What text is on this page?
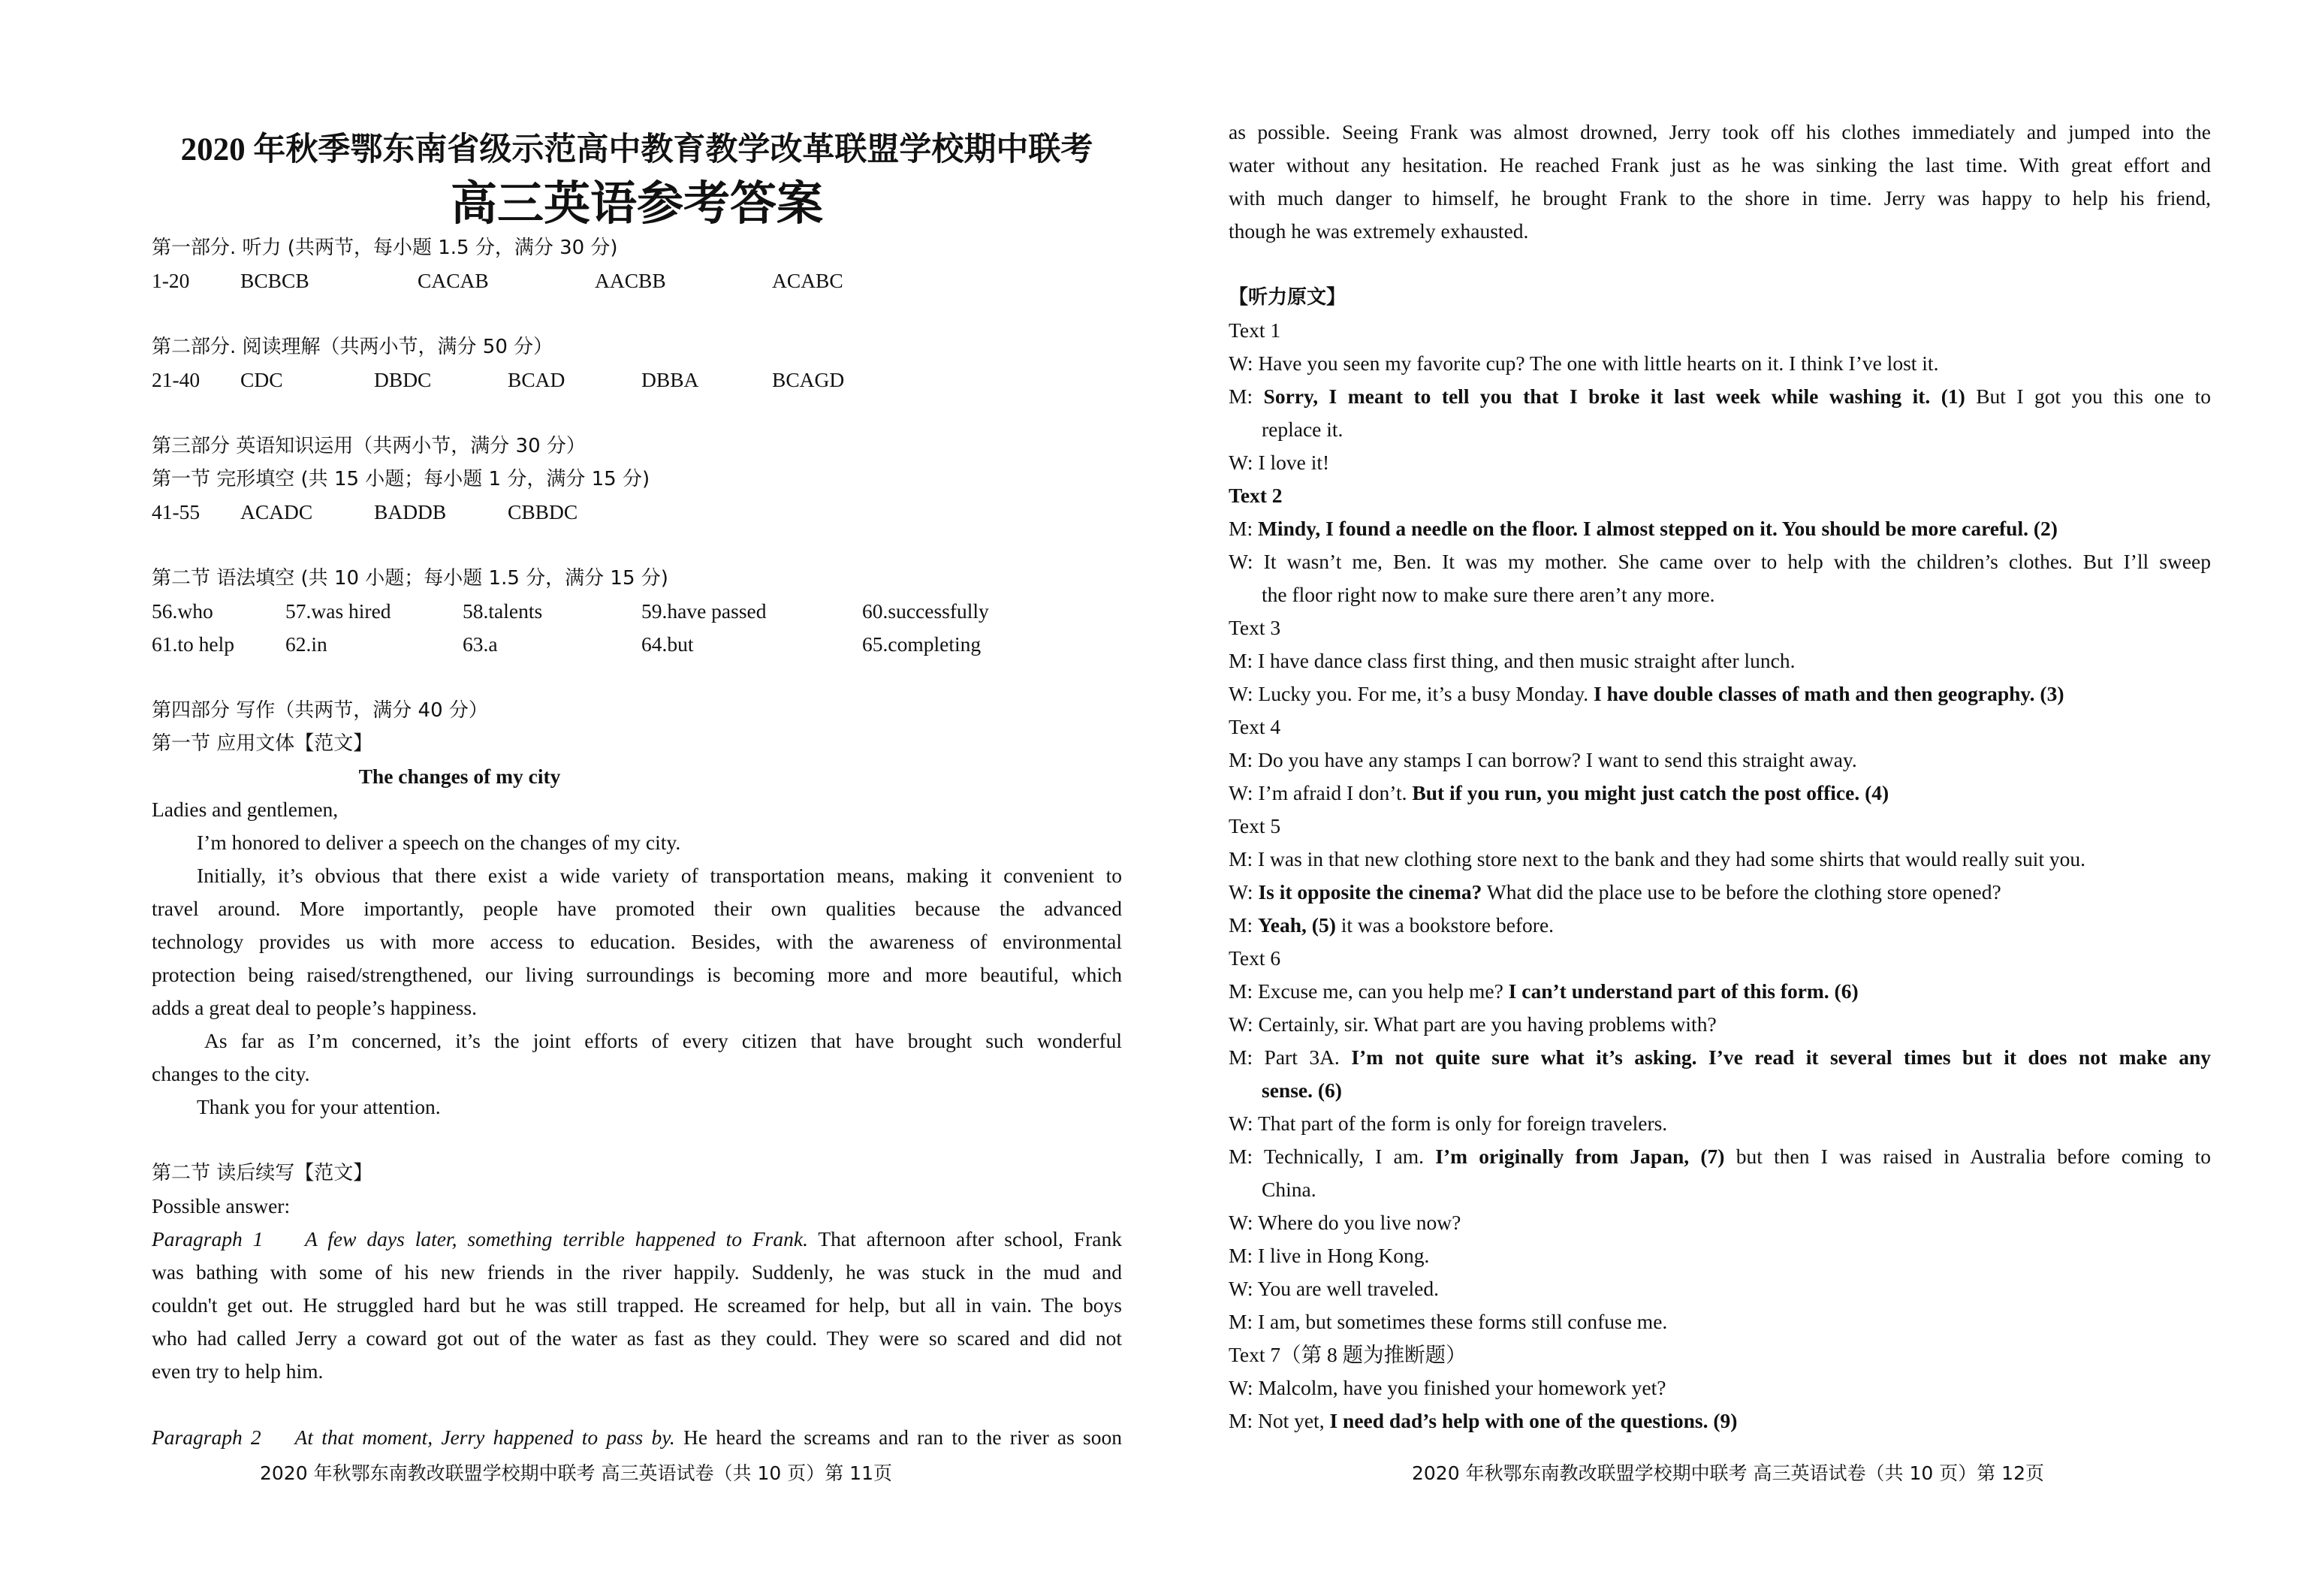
2020 年秋季鄂东南省级示范高中教育教学改革联盟学校期中联考
高三英语参考答案
第一部分. 听力 (共两节，每小题 1.5 分，满分 30 分)
1-20 BCBCB	CACAB	AACBB	ACABC
第二部分. 阅读理解（共两小节，满分 50 分）
21-40 CDC	DBDC	BCAD	DBBA	BCAGD
第三部分 英语知识运用（共两小节，满分 30 分）
第一节 完形填空 (共 15 小题；每小题 1 分，满分 15 分)
41-55 ACADC	BADDB	CBBDC
第二节 语法填空 (共 10 小题；每小题 1.5 分，满分 15 分)
56.who	57.was hired	58.talents	59.have passed	60.successfully
61.to help 62.in	63.a	64.but	65.completing
第四部分 写作（共两节，满分 40 分）
第一节 应用文体【范文】
The changes of my city
Ladies and gentlemen,
I’m honored to deliver a speech on the changes of my city.
Initially, it’s obvious that there exist a wide variety of transportation means, making it convenient to
travel around. More importantly, people have promoted their own qualities because the advanced
technology provides us with more access to education. Besides, with the awareness of environmental
protection being raised/strengthened, our living surroundings is becoming more and more beautiful, which
adds a great deal to people’s happiness.
As far as I’m concerned, it’s the joint efforts of every citizen that have brought such wonderful
changes to the city.
Thank you for your attention.
第二节 读后续写【范文】
Possible answer:
Paragraph 1 A few days later, something terrible happened to Frank. That afternoon after school, Frank
was bathing with some of his new friends in the river happily. Suddenly, he was stuck in the mud and
couldn't get out. He struggled hard but he was still trapped. He screamed for help, but all in vain. The boys
who had called Jerry a coward got out of the water as fast as they could. They were so scared and did not
even try to help him.
Paragraph 2 At that moment, Jerry happened to pass by. He heard the screams and ran to the river as soon
2020 年秋鄂东南教改联盟学校期中联考 高三英语试卷（共 10 页）第 11页
as possible. Seeing Frank was almost drowned, Jerry took off his clothes immediately and jumped into the
water without any hesitation. He reached Frank just as he was sinking the last time. With great effort and
with much danger to himself, he brought Frank to the shore in time. Jerry was happy to help his friend,
though he was extremely exhausted.
【听力原文】
Text 1
W: Have you seen my favorite cup? The one with little hearts on it. I think I’ve lost it.
M: Sorry, I meant to tell you that I broke it last week while washing it. (1) But I got you this one to
replace it.
W: I love it!
Text 2
M: Mindy, I found a needle on the floor. I almost stepped on it. You should be more careful. (2)
W: It wasn’t me, Ben. It was my mother. She came over to help with the children’s clothes. But I’ll sweep
the floor right now to make sure there aren’t any more.
Text 3
M: I have dance class first thing, and then music straight after lunch.
W: Lucky you. For me, it’s a busy Monday. I have double classes of math and then geography. (3)
Text 4
M: Do you have any stamps I can borrow? I want to send this straight away.
W: I’m afraid I don’t. But if you run, you might just catch the post office. (4)
Text 5
M: I was in that new clothing store next to the bank and they had some shirts that would really suit you.
W: Is it opposite the cinema? What did the place use to be before the clothing store opened?
M: Yeah, (5) it was a bookstore before.
Text 6
M: Excuse me, can you help me? I can’t understand part of this form. (6)
W: Certainly, sir. What part are you having problems with?
M: Part 3A. I’m not quite sure what it’s asking. I’ve read it several times but it does not make any
sense. (6)
W: That part of the form is only for foreign travelers.
M: Technically, I am. I’m originally from Japan, (7) but then I was raised in Australia before coming to
China.
W: Where do you live now?
M: I live in Hong Kong.
W: You are well traveled.
M: I am, but sometimes these forms still confuse me.
Text 7（第 8 题为推断题）
W: Malcolm, have you finished your homework yet?
M: Not yet, I need dad’s help with one of the questions. (9)
2020 年秋鄂东南教改联盟学校期中联考 高三英语试卷（共 10 页）第 12页
